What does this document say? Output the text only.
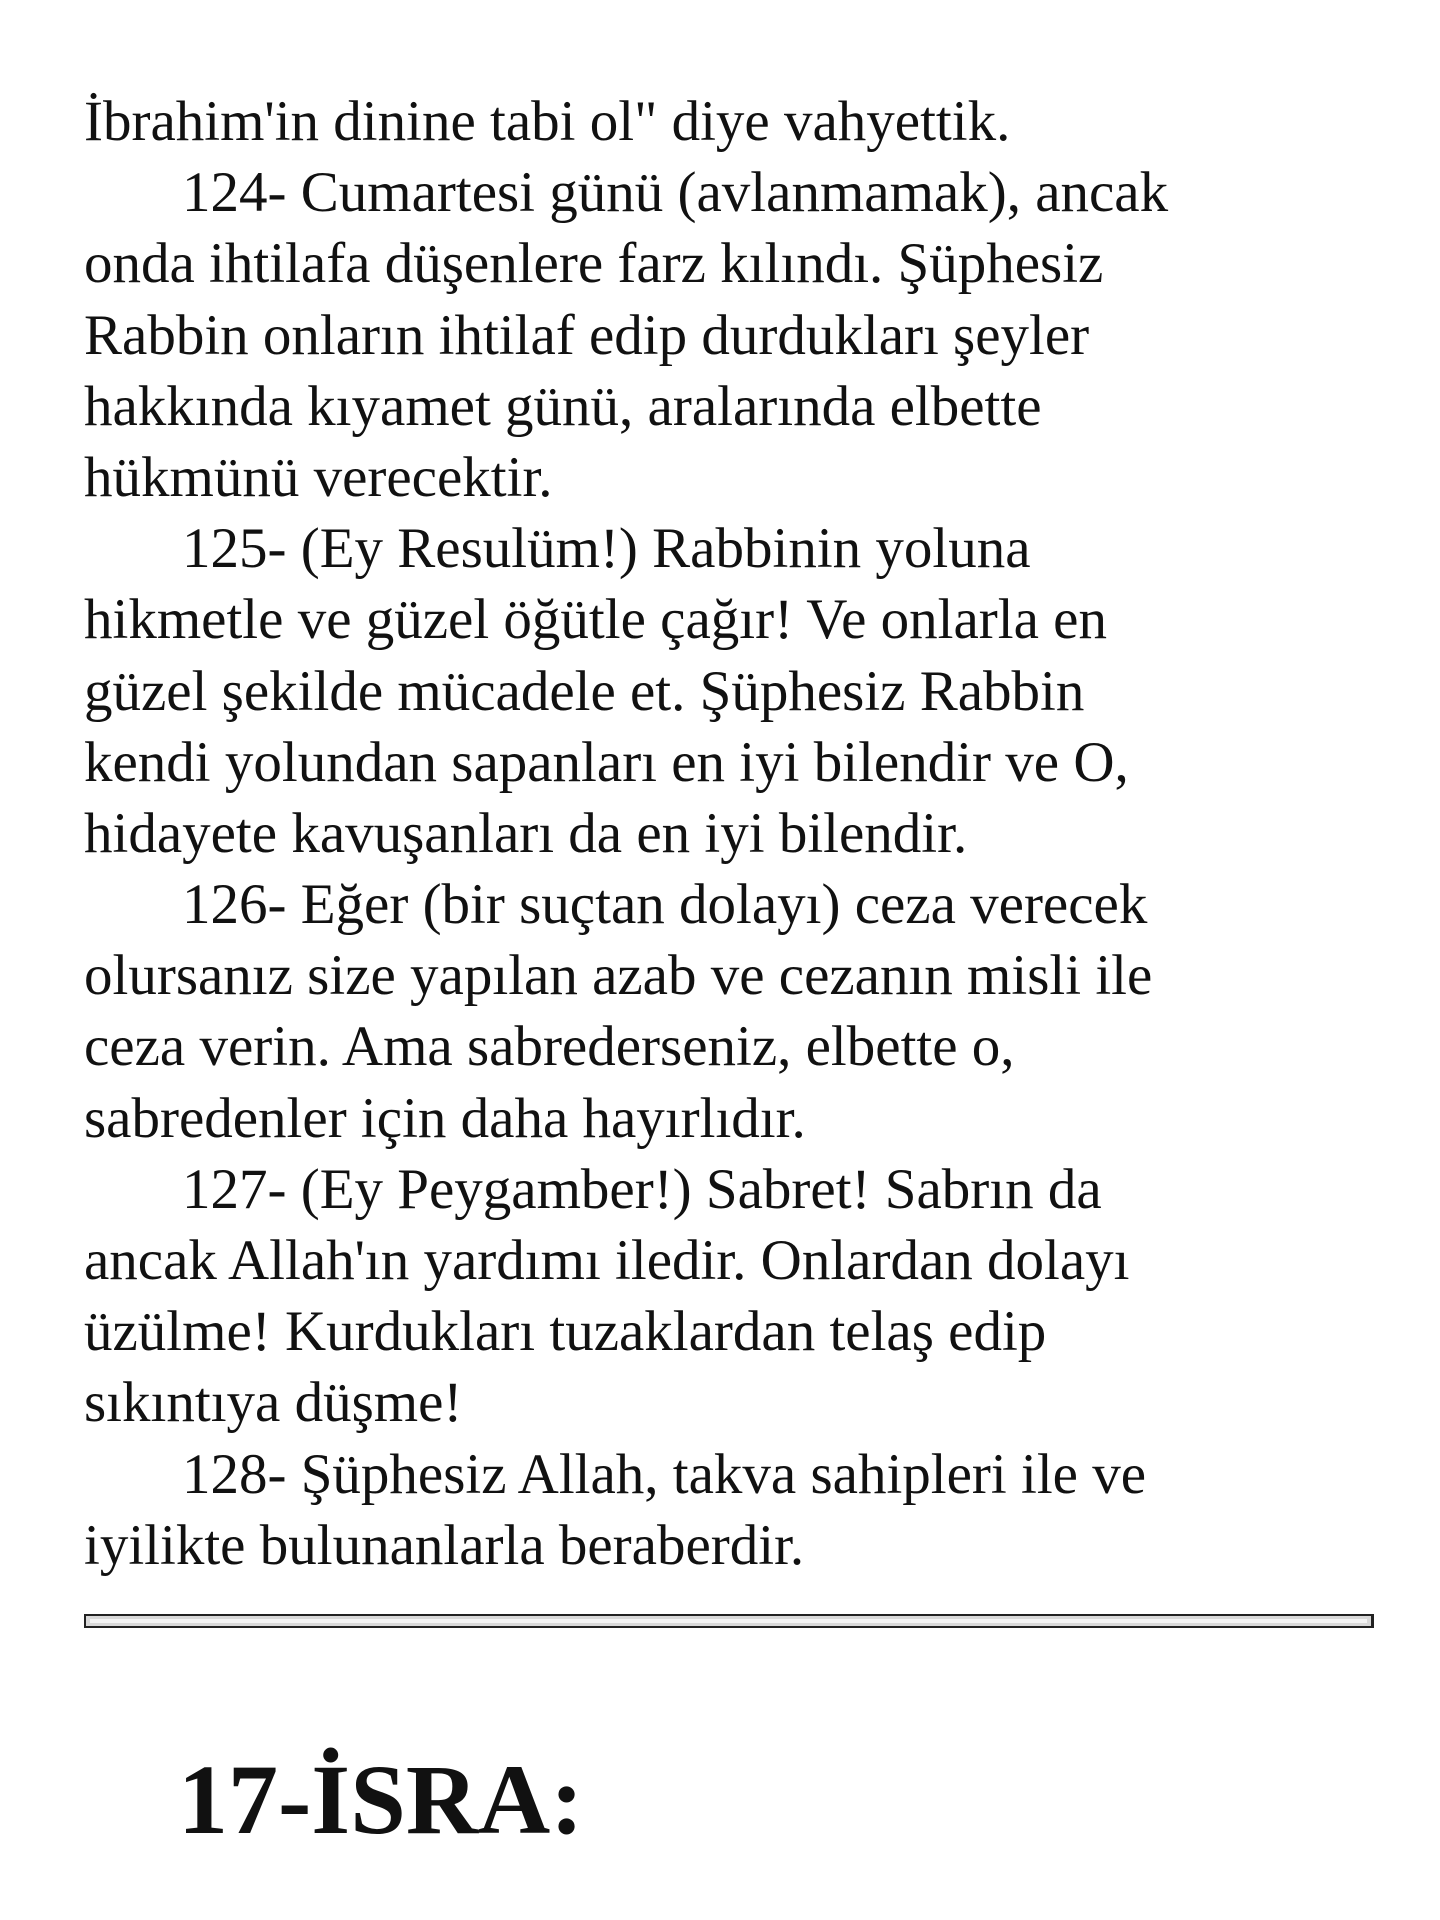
İbrahim'in dinine tabi ol" diye vahyettik.
124- Cumartesi günü (avlanmamak), ancak
onda ihtilafa düşenlere farz kılındı. Şüphesiz
Rabbin onların ihtilaf edip durdukları şeyler
hakkında kıyamet günü, aralarında elbette
hükmünü verecektir.
125- (Ey Resulüm!) Rabbinin yoluna
hikmetle ve güzel öğütle çağır! Ve onlarla en
güzel şekilde mücadele et. Şüphesiz Rabbin
kendi yolundan sapanları en iyi bilendir ve O,
hidayete kavuşanları da en iyi bilendir.
126- Eğer (bir suçtan dolayı) ceza verecek
olursanız size yapılan azab ve cezanın misli ile
ceza verin. Ama sabrederseniz, elbette o,
sabredenler için daha hayırlıdır.
127- (Ey Peygamber!) Sabret! Sabrın da
ancak Allah'ın yardımı iledir. Onlardan dolayı
üzülme! Kurdukları tuzaklardan telaş edip
sıkıntıya düşme!
128- Şüphesiz Allah, takva sahipleri ile ve
iyilikte bulunanlarla beraberdir.
17-İSRA:
